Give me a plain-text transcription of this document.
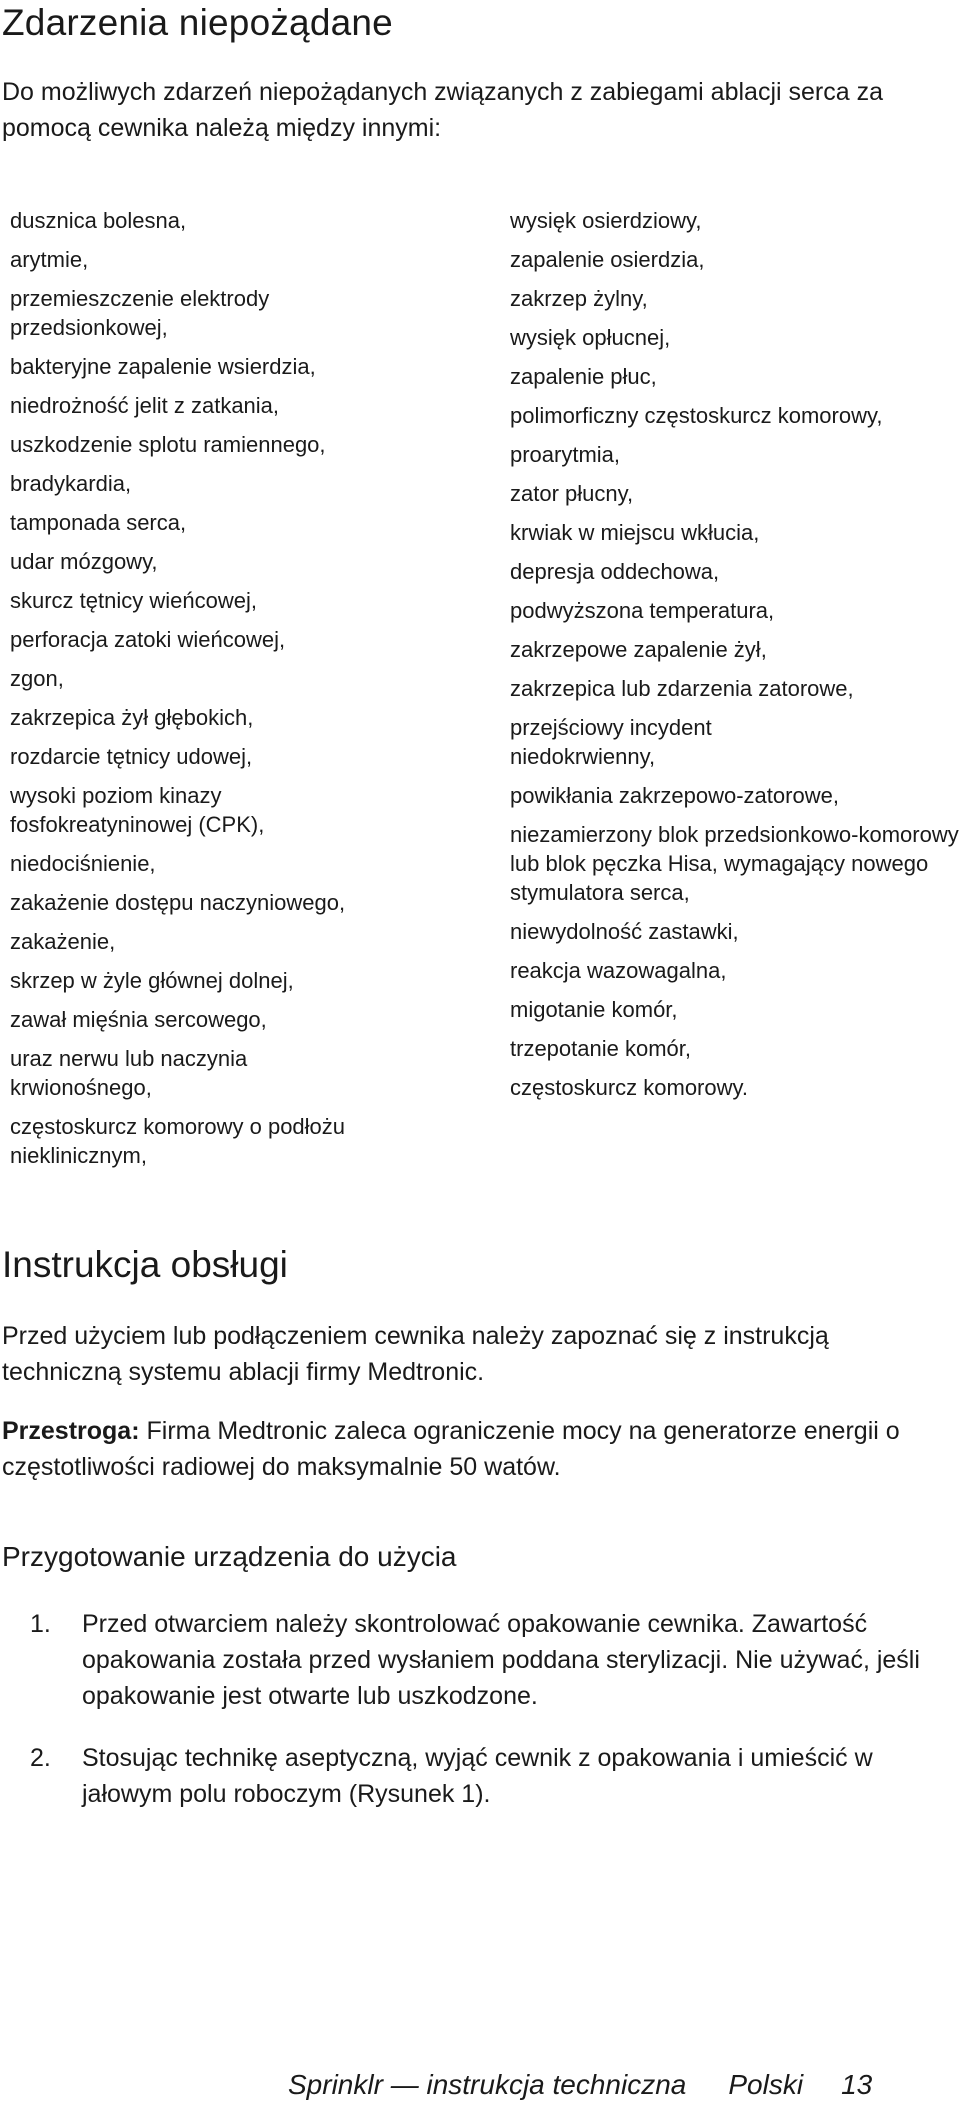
Zdarzenia niepożądane
Do możliwych zdarzeń niepożądanych związanych z zabiegami ablacji serca za pomocą cewnika należą między innymi:
dusznica bolesna,
arytmie,
przemieszczenie elektrody przedsionkowej,
bakteryjne zapalenie wsierdzia,
niedrożność jelit z zatkania,
uszkodzenie splotu ramiennego,
bradykardia,
tamponada serca,
udar mózgowy,
skurcz tętnicy wieńcowej,
perforacja zatoki wieńcowej,
zgon,
zakrzepica żył głębokich,
rozdarcie tętnicy udowej,
wysoki poziom kinazy fosfokreatyninowej (CPK),
niedociśnienie,
zakażenie dostępu naczyniowego,
zakażenie,
skrzep w żyle głównej dolnej,
zawał mięśnia sercowego,
uraz nerwu lub naczynia krwionośnego,
częstoskurcz komorowy o podłożu nieklinicznym,
wysięk osierdziowy,
zapalenie osierdzia,
zakrzep żylny,
wysięk opłucnej,
zapalenie płuc,
polimorficzny częstoskurcz komorowy,
proarytmia,
zator płucny,
krwiak w miejscu wkłucia,
depresja oddechowa,
podwyższona temperatura,
zakrzepowe zapalenie żył,
zakrzepica lub zdarzenia zatorowe,
przejściowy incydent niedokrwienny,
powikłania zakrzepowo-zatorowe,
niezamierzony blok przedsionkowo-komorowy lub blok pęczka Hisa, wymagający nowego stymulatora serca,
niewydolność zastawki,
reakcja wazowagalna,
migotanie komór,
trzepotanie komór,
częstoskurcz komorowy.
Instrukcja obsługi
Przed użyciem lub podłączeniem cewnika należy zapoznać się z instrukcją techniczną systemu ablacji firmy Medtronic.
Przestroga: Firma Medtronic zaleca ograniczenie mocy na generatorze energii o częstotliwości radiowej do maksymalnie 50 watów.
Przygotowanie urządzenia do użycia
1.	Przed otwarciem należy skontrolować opakowanie cewnika. Zawartość opakowania została przed wysłaniem poddana sterylizacji. Nie używać, jeśli opakowanie jest otwarte lub uszkodzone.
2.	Stosując technikę aseptyczną, wyjąć cewnik z opakowania i umieścić w jałowym polu roboczym (Rysunek 1).
Sprinklr — instrukcja techniczna Polski 13
